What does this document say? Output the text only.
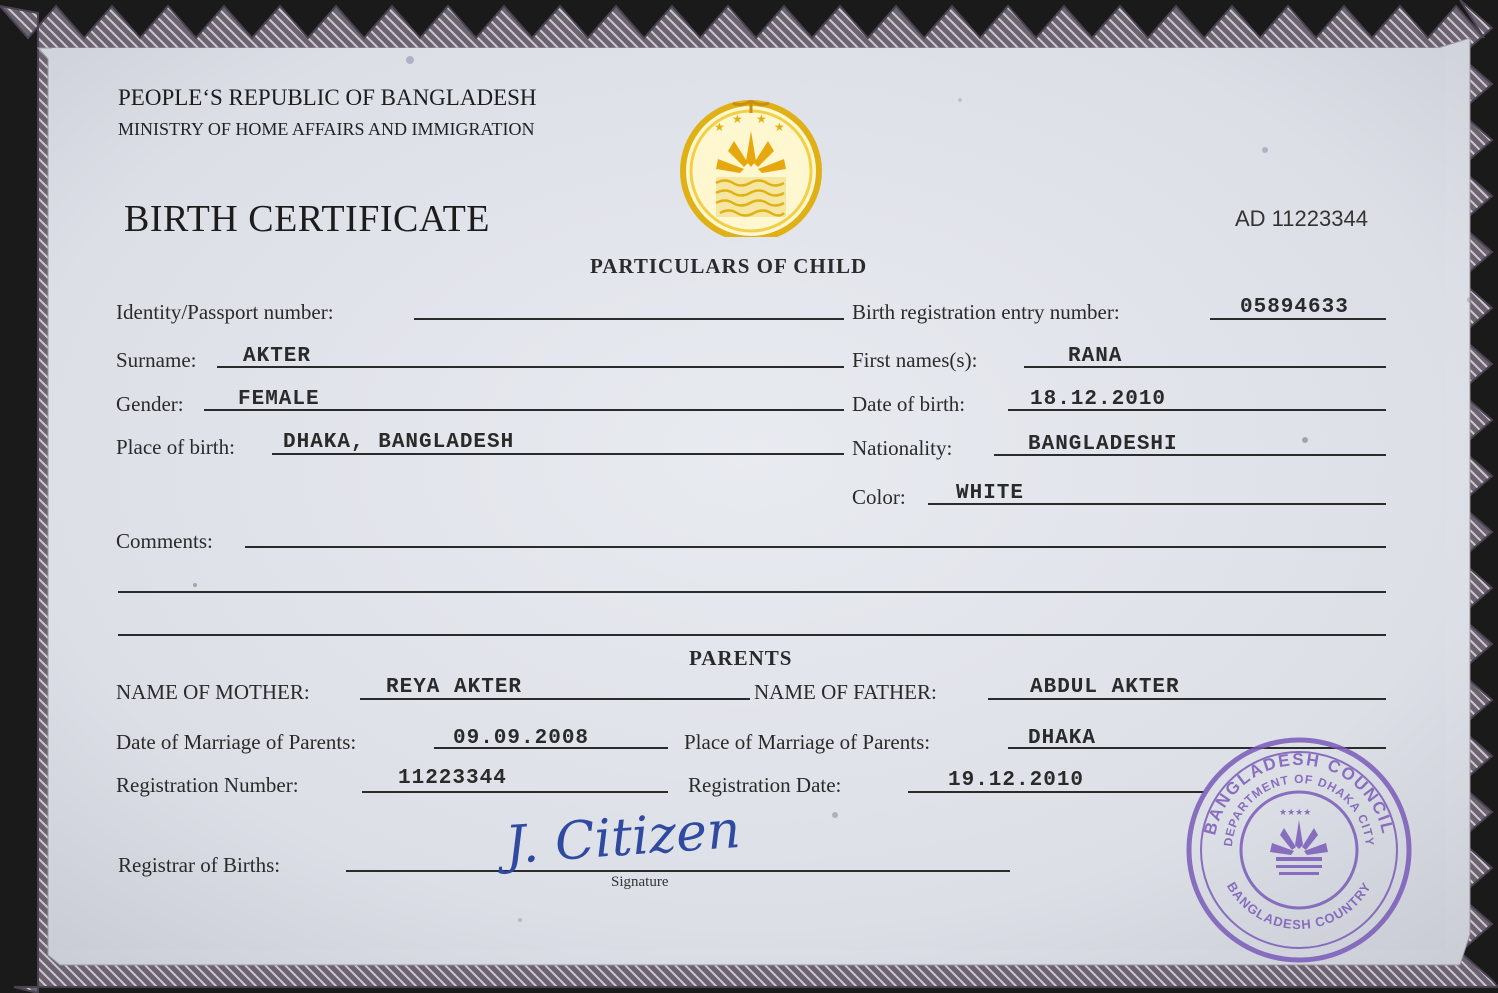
★
★ ★
★
PEOPLE‘S REPUBLIC OF BANGLADESH
MINISTRY OF HOME AFFAIRS AND IMMIGRATION
BIRTH CERTIFICATE	AD 11223344
PARTICULARS OF CHILD
Identity/Passport number:	Birth registration entry number:	05894633
Surname: AKTER	First names(s):	RANA
Gender:	FEMALE	Date of birth:	18.12.2010
Place of birth: DHAKA, BANGLADESH	Nationality:	BANGLADESHI
Color: WHITE
Comments:
PARENTS
NAME OF MOTHER:	REYA AKTER	NAME OF FATHER:	ABDUL AKTER
Date of Marriage of Parents:	09.09.2008	Place of Marriage of Parents:	DHAKA
Registration Number:	11223344	Registration Date:	19.12.2010
Registrar of Births:	J. Citizen
Signature
BANGLADESH COUNCIL
DEPARTMENT OF DHAKA CITY
BANGLADESH COUNTRY
★★★★
